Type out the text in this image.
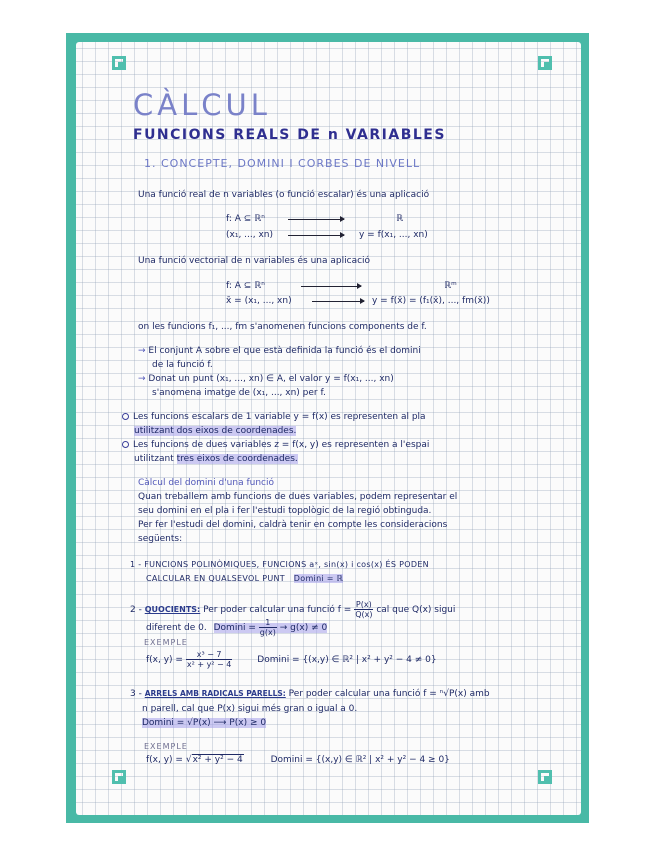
CÀLCUL
FUNCIONS REALS DE n VARIABLES
1. CONCEPTE, DOMINI I CORBES DE NIVELL
Una funció real de n variables (o funció escalar) és una aplicació
f: A ⊆ ℝⁿ	ℝ
(x₁, ..., xn)	y = f(x₁, ..., xn)
Una funció vectorial de n variables és una aplicació
f: A ⊆ ℝⁿ	ℝᵐ
x̄ = (x₁, ..., xn)	y = f(x̄) = (f₁(x̄), ..., fm(x̄))
on les funcions f₁, ..., fm s'anomenen funcions components de f.
→ El conjunt A sobre el que està definida la funció és el domini
de la funció f.
→ Donat un punt (x₁, ..., xn) ∈ A, el valor y = f(x₁, ..., xn)
s'anomena imatge de (x₁, ..., xn) per f.
Les funcions escalars de 1 variable y = f(x) es representen al pla
utilitzant dos eixos de coordenades.
Les funcions de dues variables z = f(x, y) es representen a l'espai
utilitzant tres eixos de coordenades.
Càlcul del domini d'una funció
Quan treballem amb funcions de dues variables, podem representar el
seu domini en el pla i fer l'estudi topològic de la regió obtinguda.
Per fer l'estudi del domini, caldrà tenir en compte les consideracions
següents:
1 - FUNCIONS POLINÒMIQUES, FUNCIONS aˣ, sin(x) i cos(x) ÉS PODEN
CALCULAR EN QUALSEVOL PUNT Domini = ℝ
2 - QUOCIENTS: Per poder calcular una funció $f = \frac{P(x)}{Q(x)}$ cal que Q(x) sigui
diferent de 0. $Domini = \frac{1}{g(x)} \to g(x) \ne 0$
EXEMPLE
f(x, $y) = \frac{\text{x³ − 7}}{\text{x² + y² − 4}}$	Domini = {(x,y) ∈ ℝ² | x² + y² − 4 ≠ 0}
3 - ARRELS AMB RADICALS PARELLS: Per poder calcular una funció f = ⁿ√P(x) amb
n parell, cal que P(x) sigui més gran o igual a 0.
Domini = √P(x) ⟶ P(x) ≥ 0
EXEMPLE
f(x, y) = √x² + y² − 4	Domini = {(x,y) ∈ ℝ² | x² + y² − 4 ≥ 0}
